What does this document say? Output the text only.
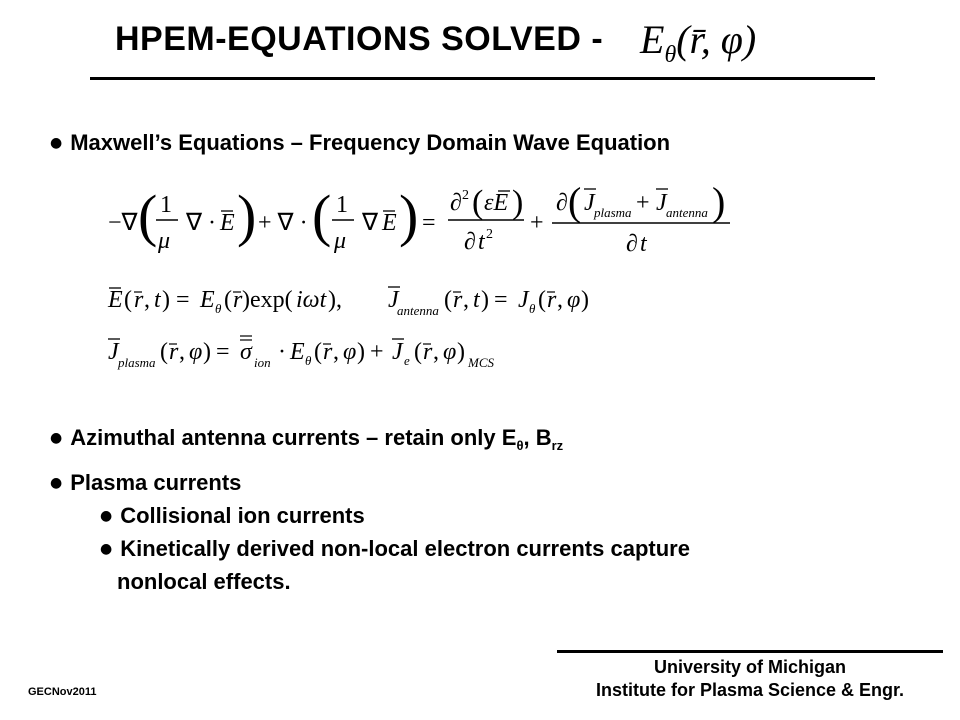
HPEM-EQUATIONS SOLVED - $E_\theta(r̄$, φ)
● Maxwell’s Equations – Frequency Domain Wave Equation
−∇ ( 1
μ
∇ · E ) + ∇ · ( 1
μ
∇ E ) =
∂ 2 ( εE )
∂ t 2 +
∂ ( J plasma + J antenna )
∂ t
E ( r , t ) = E θ ( r )exp( iωt ), J
antenna ( r , t ) = J θ ( r , φ )
J plasma ( r , φ ) = σ ion · E θ ( r , φ ) + J e ( r , φ ) MCS
● Azimuthal antenna currents – retain only $E_\theta$, $B_{rz}$
● Plasma currents
● Collisional ion currents
● Kinetically derived non-local electron currents capture
nonlocal effects.
University of Michigan
Institute for Plasma Science & Engr.
GECNov2011
